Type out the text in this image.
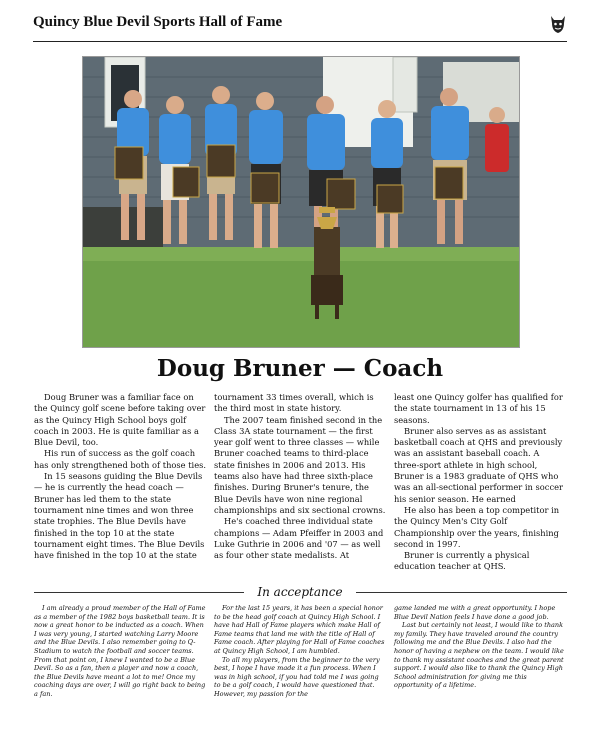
Quincy Blue Devil Sports Hall of Fame
Doug Bruner — Coach

Doug Bruner was a familiar face on the Quincy golf scene before taking over as the Quincy High School boys golf coach in 2003. He is quite familiar as a Blue Devil, too.

His run of success as the golf coach has only strengthened both of those ties.

In 15 seasons guiding the Blue Devils — he is currently the head coach — Bruner has led them to the state tournament nine times and won three state trophies. The Blue Devils have finished in the top 10 at the state tournament eight times. The Blue Devils have finished in the top 10 at the state

tournament 33 times overall, which is the third most in state history.

The 2007 team finished second in the Class 3A state tournament — the first year golf went to three classes — while Bruner coached teams to third-place state finishes in 2006 and 2013. His teams also have had three sixth-place finishes. During Bruner's tenure, the Blue Devils have won nine regional championships and six sectional crowns.

He's coached three individual state champions — Adam Pfeiffer in 2003 and Luke Guthrie in 2006 and '07 — as well as four other state medalists. At

least one Quincy golfer has qualified for the state tournament in 13 of his 15 seasons.

Bruner also serves as as assistant basketball coach at QHS and previously was an assistant baseball coach. A three-sport athlete in high school, Bruner is a 1983 graduate of QHS who was an all-sectional performer in soccer his senior season. He earned

He also has been a top competitor in the Quincy Men's City Golf Championship over the years, finishing second in 1997.

Bruner is currently a physical education teacher at QHS.

In acceptance

I am already a proud member of the Hall of Fame as a member of the 1982 boys basketball team. It is now a great honor to be inducted as a coach. When I was very young, I started watching Larry Moore and the Blue Devils. I also remember going to Q-Stadium to watch the football and soccer teams. From that point on, I knew I wanted to be a Blue Devil. So as a fan, then a player and now a coach, the Blue Devils have meant a lot to me! Once my coaching days are over, I will go right back to being a fan.

For the last 15 years, it has been a special honor to be the head golf coach at Quincy High School. I have had Hall of Fame players which make Hall of Fame teams that land me with the title of Hall of Fame coach. After playing for Hall of Fame coaches at Quincy High School, I am humbled.

To all my players, from the beginner to the very best, I hope I have made it a fun process. When I was in high school, if you had told me I was going to be a golf coach, I would have questioned that. However, my passion for the

game landed me with a great opportunity. I hope Blue Devil Nation feels I have done a good job.

Last but certainly not least, I would like to thank my family. They have traveled around the country following me and the Blue Devils. I also had the honor of having a nephew on the team. I would like to thank my assistant coaches and the great parent support. I would also like to thank the Quincy High School administration for giving me this opportunity of a lifetime.
